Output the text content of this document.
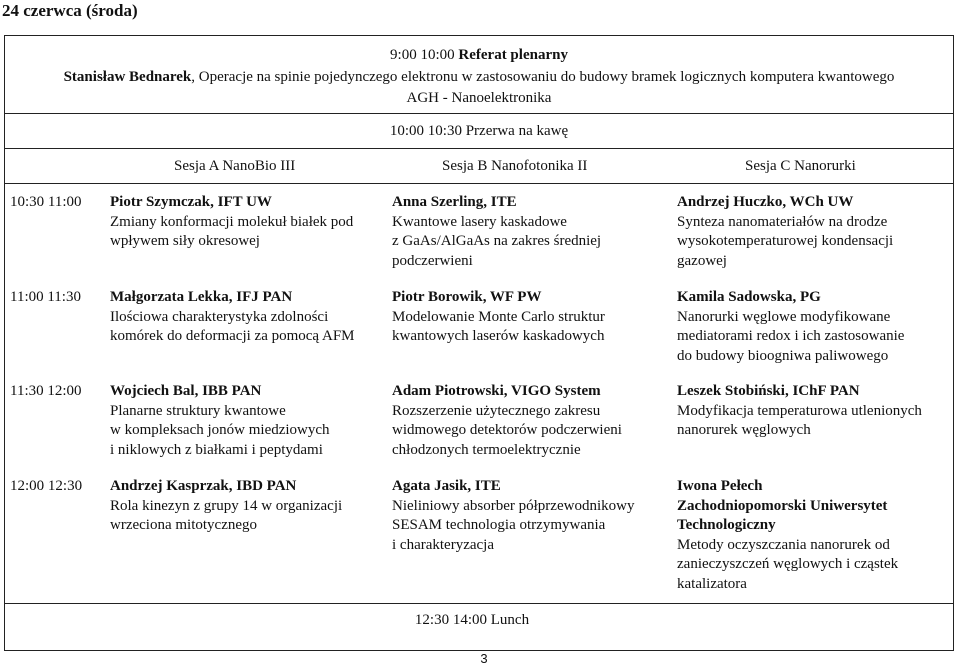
24 czerwca (środa)
9:00 10:00 Referat plenarny
Stanisław Bednarek, Operacje na spinie pojedynczego elektronu w zastosowaniu do budowy bramek logicznych komputera kwantowego
AGH - Nanoelektronika
10:00 10:30 Przerwa na kawę
Sesja A NanoBio III	Sesja B Nanofotonika II	Sesja C Nanorurki
10:30 11:00 Piotr Szymczak, IFT UW
Zmiany konformacji molekuł białek pod
wpływem siły okresowej
Anna Szerling, ITE
Kwantowe lasery kaskadowe
z GaAs/AlGaAs na zakres średniej
podczerwieni
Andrzej Huczko, WCh UW
Synteza nanomateriałów na drodze
wysokotemperaturowej kondensacji
gazowej
11:00 11:30 Małgorzata Lekka, IFJ PAN
Ilościowa charakterystyka zdolności
komórek do deformacji za pomocą AFM
Piotr Borowik, WF PW
Modelowanie Monte Carlo struktur
kwantowych laserów kaskadowych
Kamila Sadowska, PG
Nanorurki węglowe modyfikowane
mediatorami redox i ich zastosowanie
do budowy bioogniwa paliwowego
11:30 12:00 Wojciech Bal, IBB PAN
Planarne struktury kwantowe
w kompleksach jonów miedziowych
i niklowych z białkami i peptydami
Adam Piotrowski, VIGO System
Rozszerzenie użytecznego zakresu
widmowego detektorów podczerwieni
chłodzonych termoelektrycznie
Leszek Stobiński, IChF PAN
Modyfikacja temperaturowa utlenionych
nanorurek węglowych
12:00 12:30 Andrzej Kasprzak, IBD PAN
Rola kinezyn z grupy 14 w organizacji
wrzeciona mitotycznego
Agata Jasik, ITE
Nieliniowy absorber półprzewodnikowy
SESAM technologia otrzymywania
i charakteryzacja
Iwona Pełech
Zachodniopomorski Uniwersytet
Technologiczny
Metody oczyszczania nanorurek od
zanieczyszczeń węglowych i cząstek
katalizatora
12:30 14:00 Lunch
3
